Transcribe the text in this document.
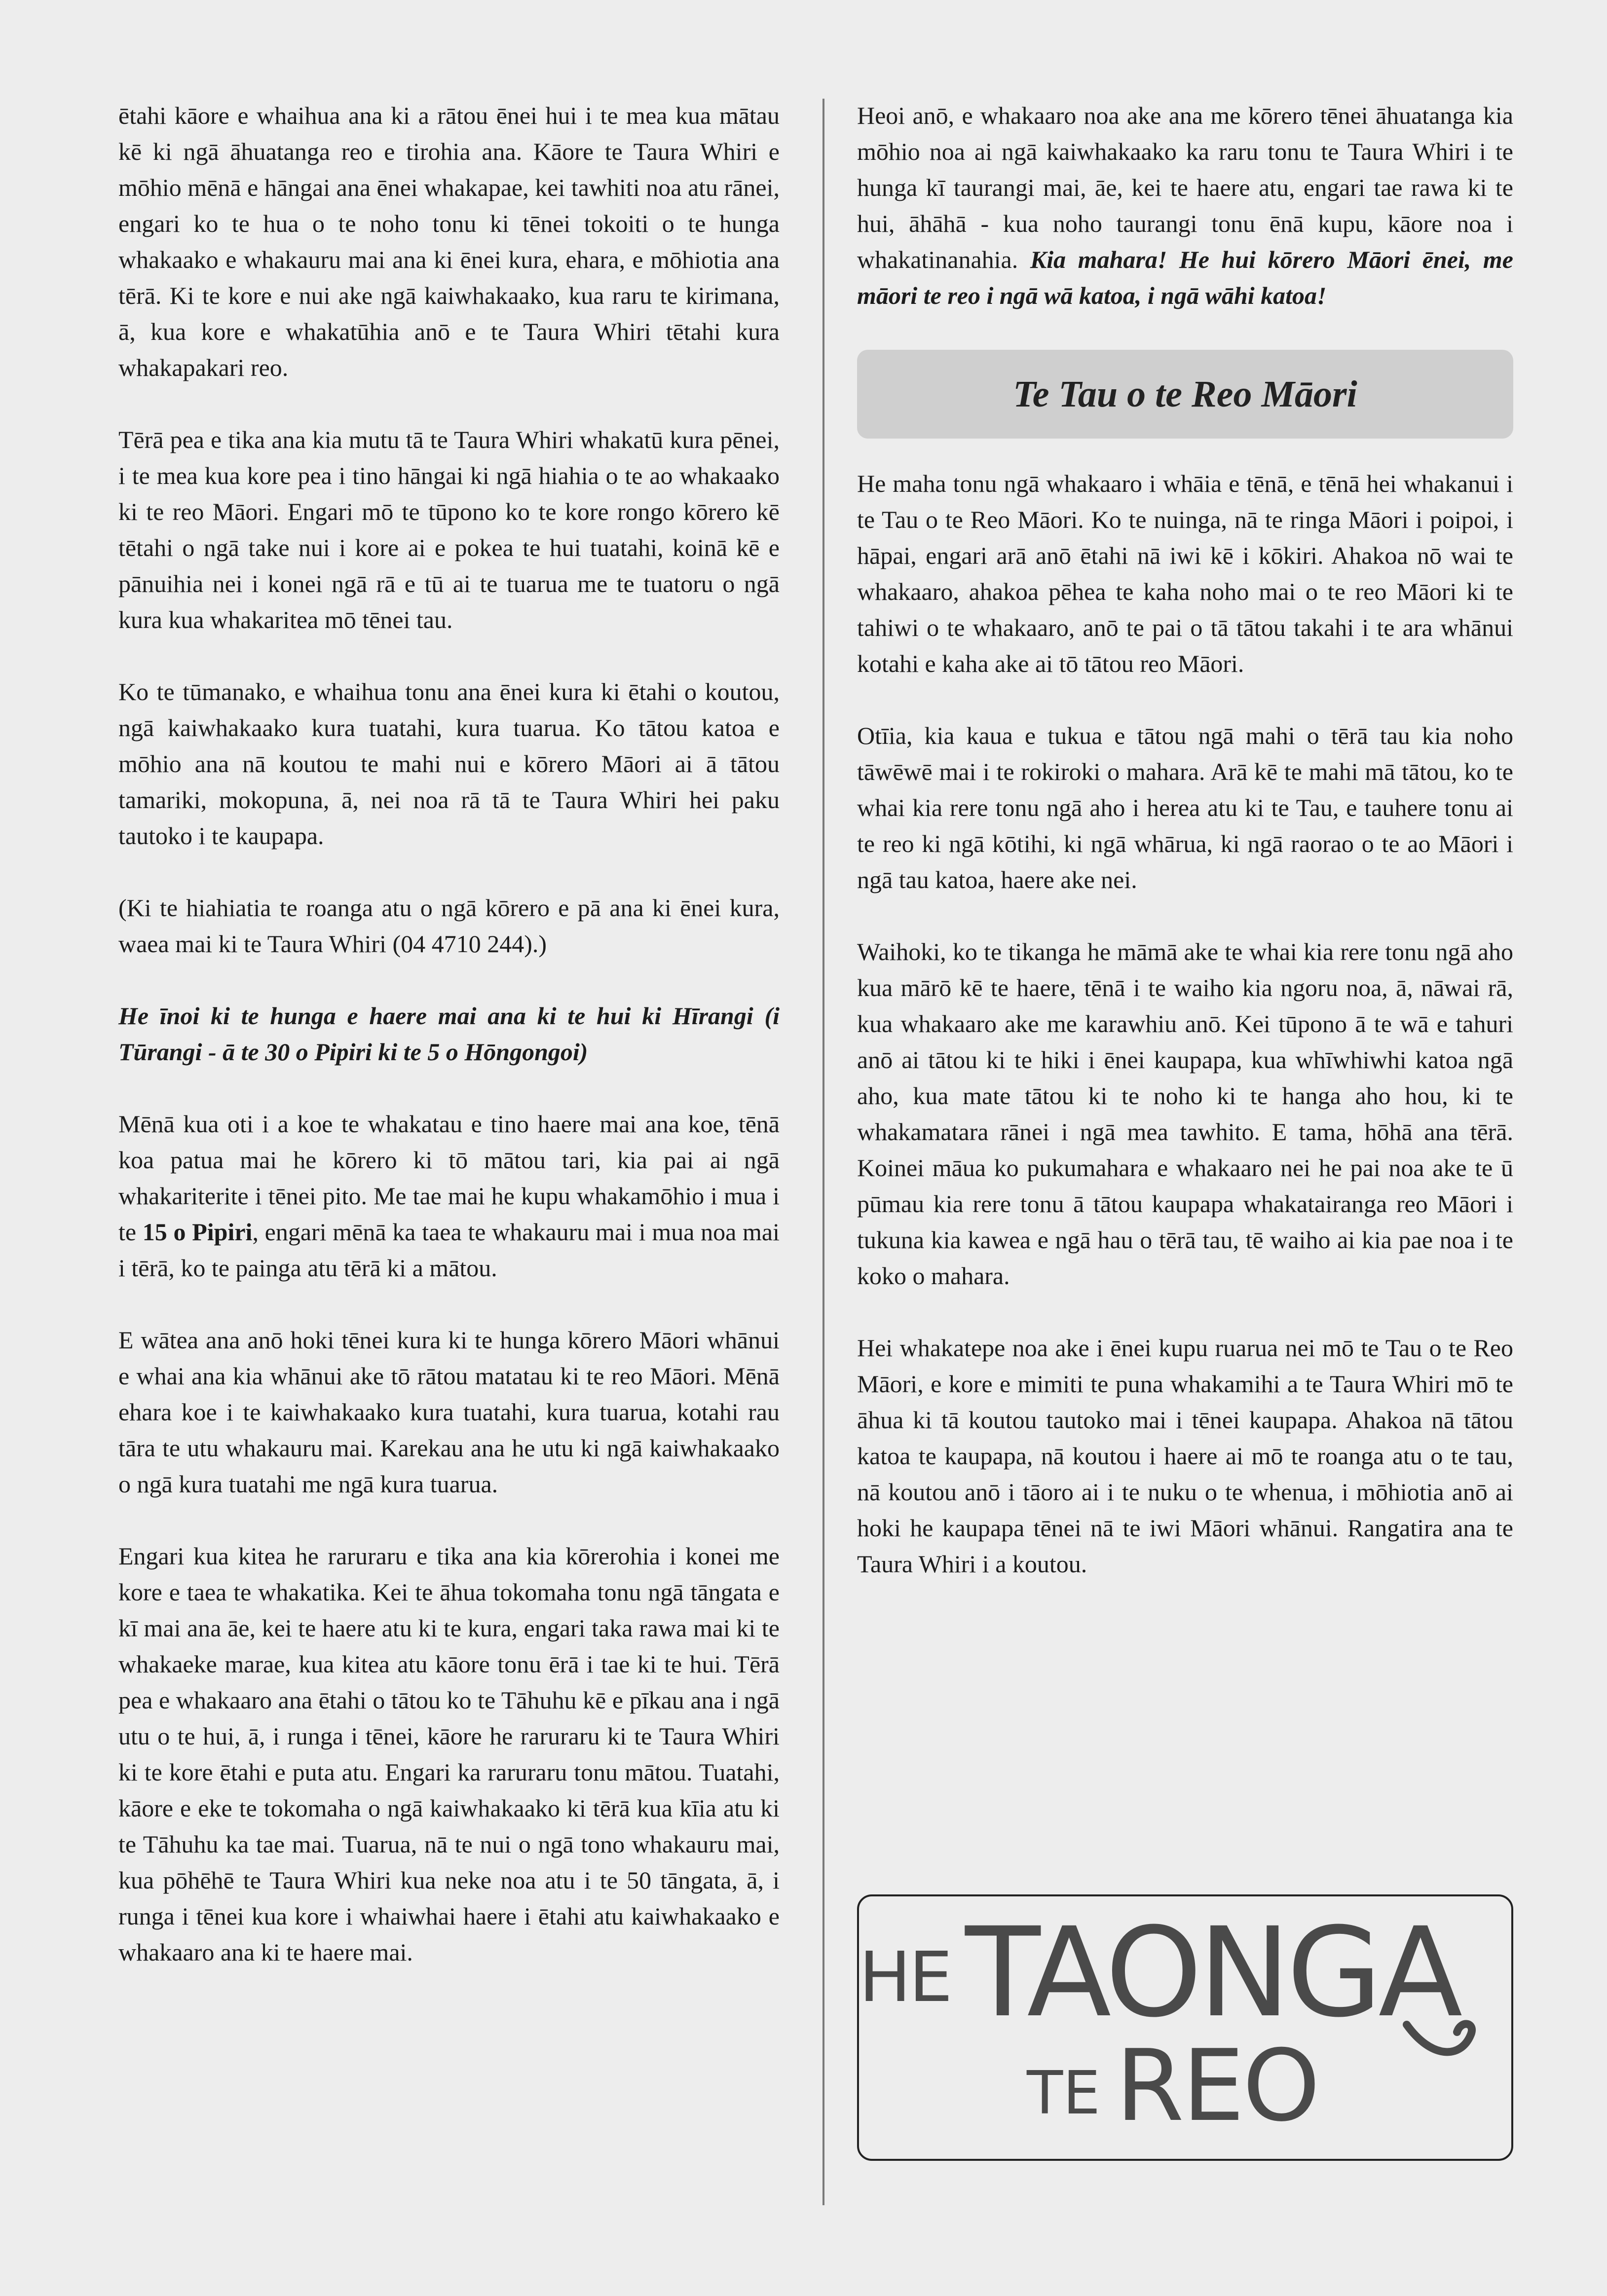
ētahi kāore e whaihua ana ki a rātou ēnei hui i te mea kua mātau kē ki ngā āhuatanga reo e tirohia ana. Kāore te Taura Whiri e mōhio mēnā e hāngai ana ēnei whakapae, kei tawhiti noa atu rānei, engari ko te hua o te noho tonu ki tēnei tokoiti o te hunga whakaako e whakauru mai ana ki ēnei kura, ehara, e mōhiotia ana tērā. Ki te kore e nui ake ngā kaiwhakaako, kua raru te kirimana, ā, kua kore e whakatūhia anō e te Taura Whiri tētahi kura whakapakari reo.

Tērā pea e tika ana kia mutu tā te Taura Whiri whakatū kura pēnei, i te mea kua kore pea i tino hāngai ki ngā hiahia o te ao whakaako ki te reo Māori. Engari mō te tūpono ko te kore rongo kōrero kē tētahi o ngā take nui i kore ai e pokea te hui tuatahi, koinā kē e pānuihia nei i konei ngā rā e tū ai te tuarua me te tuatoru o ngā kura kua whakaritea mō tēnei tau.

Ko te tūmanako, e whaihua tonu ana ēnei kura ki ētahi o koutou, ngā kaiwhakaako kura tuatahi, kura tuarua. Ko tātou katoa e mōhio ana nā koutou te mahi nui e kōrero Māori ai ā tātou tamariki, mokopuna, ā, nei noa rā tā te Taura Whiri hei paku tautoko i te kaupapa.

(Ki te hiahiatia te roanga atu o ngā kōrero e pā ana ki ēnei kura, waea mai ki te Taura Whiri (04 4710 244).)

He īnoi ki te hunga e haere mai ana ki te hui ki Hīrangi (i Tūrangi - ā te 30 o Pipiri ki te 5 o Hōngongoi)

Mēnā kua oti i a koe te whakatau e tino haere mai ana koe, tēnā koa patua mai he kōrero ki tō mātou tari, kia pai ai ngā whakariterite i tēnei pito. Me tae mai he kupu whakamōhio i mua i te 15 o Pipiri, engari mēnā ka taea te whakauru mai i mua noa mai i tērā, ko te painga atu tērā ki a mātou.

E wātea ana anō hoki tēnei kura ki te hunga kōrero Māori whānui e whai ana kia whānui ake tō rātou matatau ki te reo Māori. Mēnā ehara koe i te kaiwhakaako kura tuatahi, kura tuarua, kotahi rau tāra te utu whakauru mai. Karekau ana he utu ki ngā kaiwhakaako o ngā kura tuatahi me ngā kura tuarua.

Engari kua kitea he raruraru e tika ana kia kōrerohia i konei me kore e taea te whakatika. Kei te āhua tokomaha tonu ngā tāngata e kī mai ana āe, kei te haere atu ki te kura, engari taka rawa mai ki te whakaeke marae, kua kitea atu kāore tonu ērā i tae ki te hui. Tērā pea e whakaaro ana ētahi o tātou ko te Tāhuhu kē e pīkau ana i ngā utu o te hui, ā, i runga i tēnei, kāore he raruraru ki te Taura Whiri ki te kore ētahi e puta atu. Engari ka raruraru tonu mātou. Tuatahi, kāore e eke te tokomaha o ngā kaiwhakaako ki tērā kua kīia atu ki te Tāhuhu ka tae mai. Tuarua, nā te nui o ngā tono whakauru mai, kua pōhēhē te Taura Whiri kua neke noa atu i te 50 tāngata, ā, i runga i tēnei kua kore i whaiwhai haere i ētahi atu kaiwhakaako e whakaaro ana ki te haere mai.

Heoi anō, e whakaaro noa ake ana me kōrero tēnei āhuatanga kia mōhio noa ai ngā kaiwhakaako ka raru tonu te Taura Whiri i te hunga kī taurangi mai, āe, kei te haere atu, engari tae rawa ki te hui, āhāhā - kua noho taurangi tonu ēnā kupu, kāore noa i whakatinanahia. Kia mahara! He hui kōrero Māori ēnei, me māori te reo i ngā wā katoa, i ngā wāhi katoa!

Te Tau o te Reo Māori

He maha tonu ngā whakaaro i whāia e tēnā, e tēnā hei whakanui i te Tau o te Reo Māori. Ko te nuinga, nā te ringa Māori i poipoi, i hāpai, engari arā anō ētahi nā iwi kē i kōkiri. Ahakoa nō wai te whakaaro, ahakoa pēhea te kaha noho mai o te reo Māori ki te tahiwi o te whakaaro, anō te pai o tā tātou takahi i te ara whānui kotahi e kaha ake ai tō tātou reo Māori.

Otīia, kia kaua e tukua e tātou ngā mahi o tērā tau kia noho tāwēwē mai i te rokiroki o mahara. Arā kē te mahi mā tātou, ko te whai kia rere tonu ngā aho i herea atu ki te Tau, e tauhere tonu ai te reo ki ngā kōtihi, ki ngā whārua, ki ngā raorao o te ao Māori i ngā tau katoa, haere ake nei.

Waihoki, ko te tikanga he māmā ake te whai kia rere tonu ngā aho kua mārō kē te haere, tēnā i te waiho kia ngoru noa, ā, nāwai rā, kua whakaaro ake me karawhiu anō. Kei tūpono ā te wā e tahuri anō ai tātou ki te hiki i ēnei kaupapa, kua whīwhiwhi katoa ngā aho, kua mate tātou ki te noho ki te hanga aho hou, ki te whakamatara rānei i ngā mea tawhito. E tama, hōhā ana tērā. Koinei māua ko pukumahara e whakaaro nei he pai noa ake te ū pūmau kia rere tonu ā tātou kaupapa whakatairanga reo Māori i tukuna kia kawea e ngā hau o tērā tau, tē waiho ai kia pae noa i te koko o mahara.

Hei whakatepe noa ake i ēnei kupu ruarua nei mō te Tau o te Reo Māori, e kore e mimiti te puna whakamihi a te Taura Whiri mō te āhua ki tā koutou tautoko mai i tēnei kaupapa. Ahakoa nā tātou katoa te kaupapa, nā koutou i haere ai mō te roanga atu o te tau, nā koutou anō i tāoro ai i te nuku o te whenua, i mōhiotia anō ai hoki he kaupapa tēnei nā te iwi Māori whānui. Rangatira ana te Taura Whiri i a koutou.

HE TAONGA
TE REO
